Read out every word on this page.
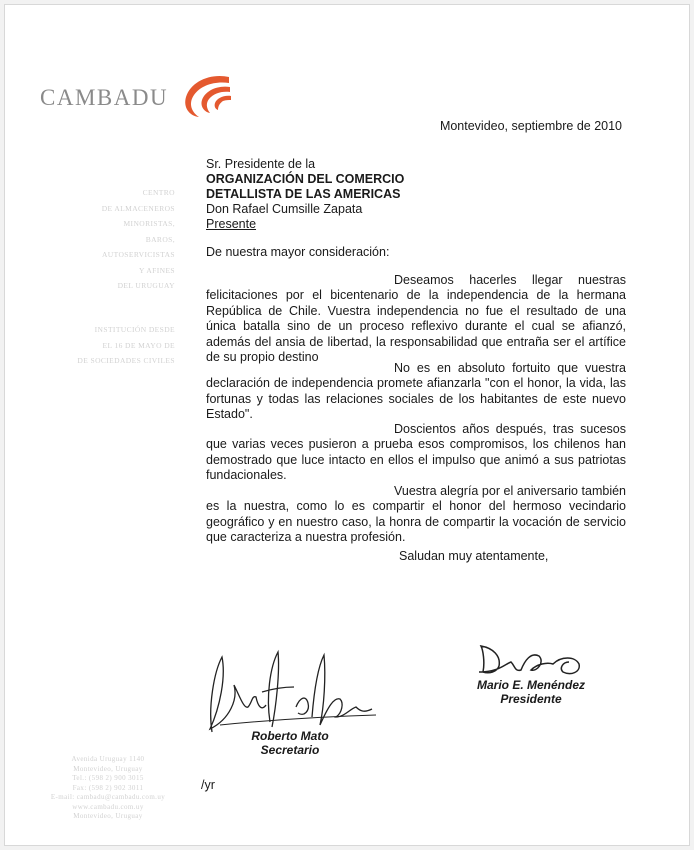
CAMBADU
CENTRO
DE ALMACENEROS
MINORISTAS,
BAROS,
AUTOSERVICISTAS
Y AFINES
DEL URUGUAY
INSTITUCIÓN DESDE
EL 16 DE MAYO DE
DE SOCIEDADES CIVILES
Avenida Uruguay 1140
Montevideo, Uruguay
Tel.: (598 2) 900 3015
Fax: (598 2) 902 3011
E-mail: cambadu@cambadu.com.uy
www.cambadu.com.uy
Montevideo, Uruguay
Montevideo, septiembre de 2010
Sr. Presidente de la
ORGANIZACIÓN DEL COMERCIO
DETALLISTA DE LAS AMERICAS
Don Rafael Cumsille Zapata
Presente
De nuestra mayor consideración:
Deseamos hacerles llegar nuestras felicitaciones por el bicentenario de la independencia de la hermana República de Chile. Vuestra independencia no fue el resultado de una única batalla sino de un proceso reflexivo durante el cual se afianzó, además del ansia de libertad, la responsabilidad que entraña ser el artífice de su propio destino
No es en absoluto fortuito que vuestra declaración de independencia promete afianzarla "con el honor, la vida, las fortunas y todas las relaciones sociales de los habitantes de este nuevo Estado".
Doscientos años después, tras sucesos que varias veces pusieron a prueba esos compromisos, los chilenos han demostrado que luce intacto en ellos el impulso que animó a sus patriotas fundacionales.
Vuestra alegría por el aniversario también es la nuestra, como lo es compartir el honor del hermoso vecindario geográfico y en nuestro caso, la honra de compartir la vocación de servicio que caracteriza a nuestra profesión.
Saludan muy atentamente,
Mario E. Menéndez
Presidente
Roberto Mato
Secretario
/yr
